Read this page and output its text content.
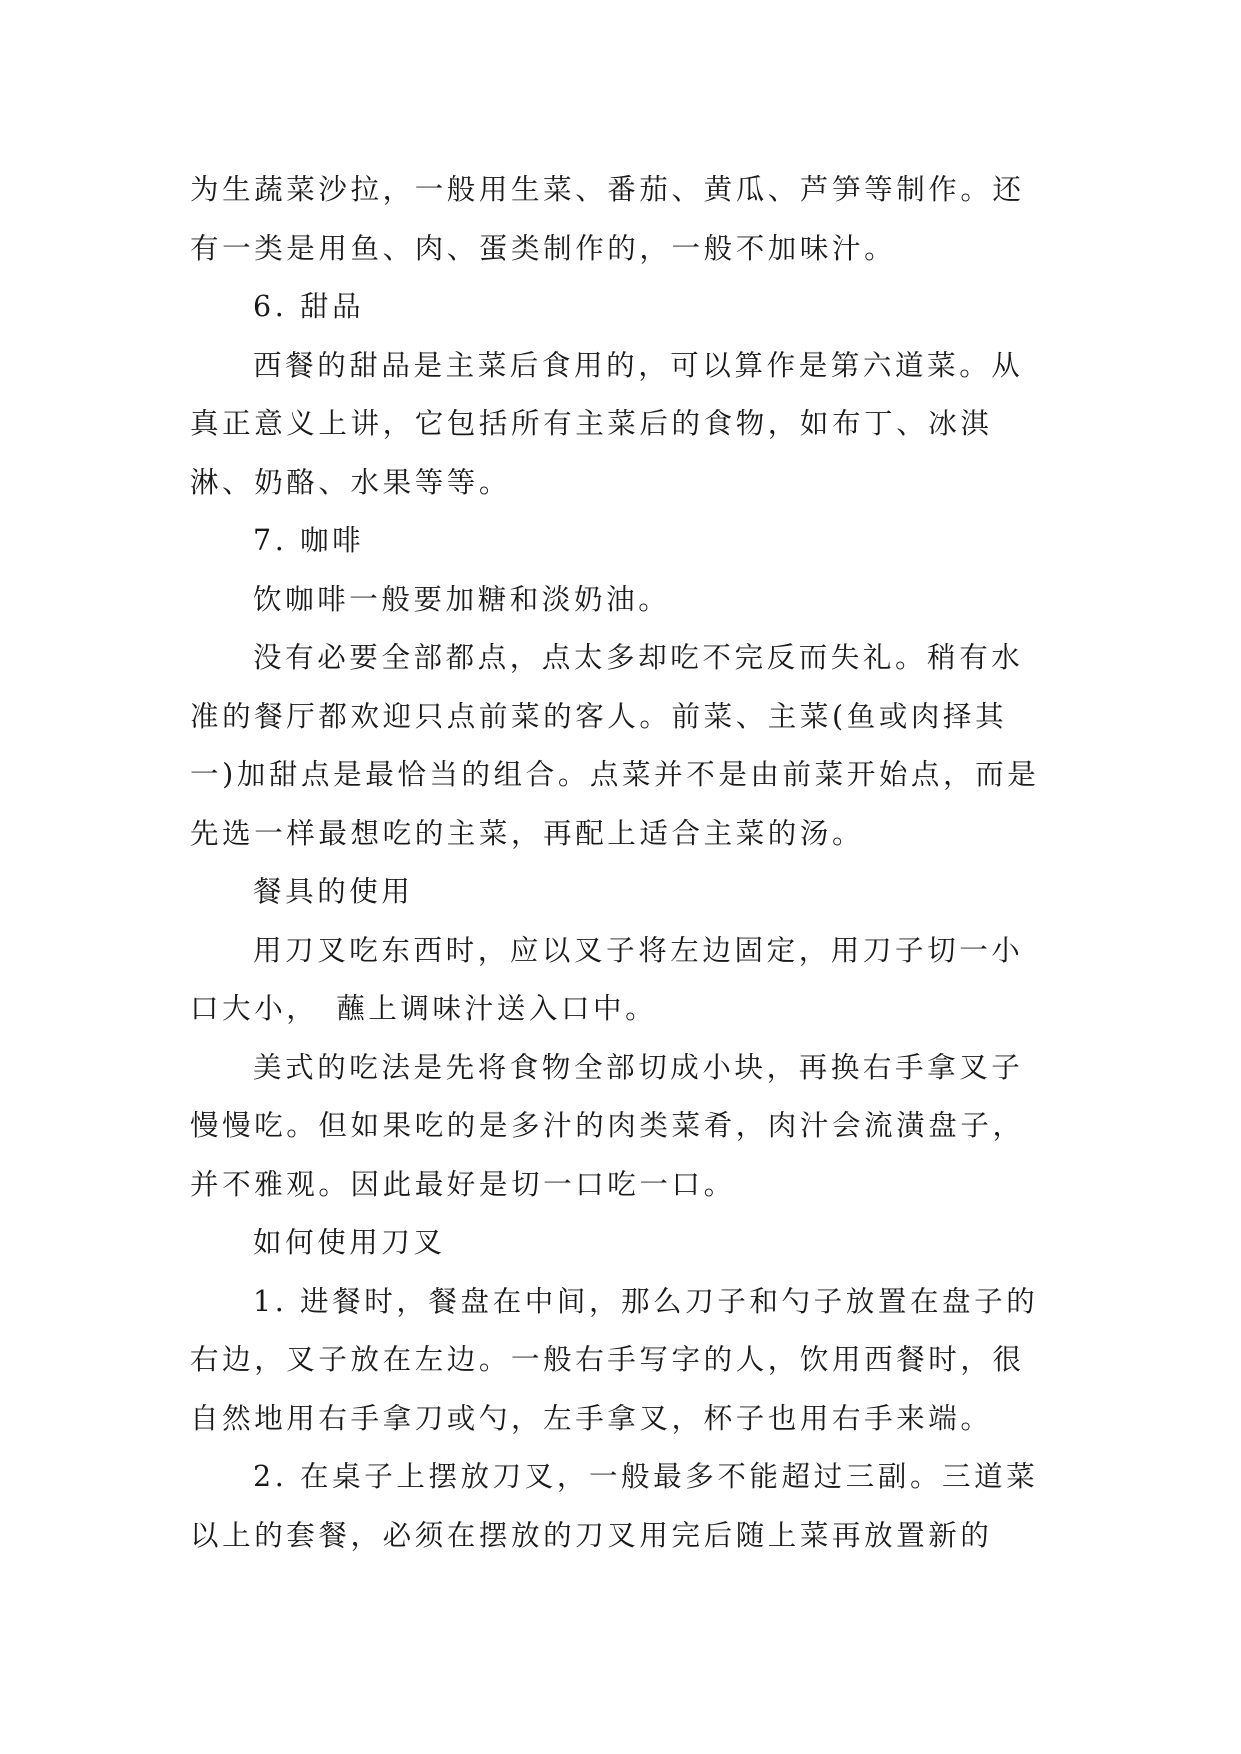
为生蔬菜沙拉，一般用生菜、番茄、黄瓜、芦笋等制作。还有一类是用鱼、肉、蛋类制作的，一般不加味汁。

6. 甜品

西餐的甜品是主菜后食用的，可以算作是第六道菜。从真正意义上讲，它包括所有主菜后的食物，如布丁、冰淇淋、奶酪、水果等等。

7. 咖啡

饮咖啡一般要加糖和淡奶油。

没有必要全部都点，点太多却吃不完反而失礼。稍有水准的餐厅都欢迎只点前菜的客人。前菜、主菜(鱼或肉择其一)加甜点是最恰当的组合。点菜并不是由前菜开始点，而是先选一样最想吃的主菜，再配上适合主菜的汤。

餐具的使用

用刀叉吃东西时，应以叉子将左边固定，用刀子切一小口大小，　蘸上调味汁送入口中。

美式的吃法是先将食物全部切成小块，再换右手拿叉子慢慢吃。但如果吃的是多汁的肉类菜肴，肉汁会流潢盘子，并不雅观。因此最好是切一口吃一口。

如何使用刀叉

1. 进餐时，餐盘在中间，那么刀子和勺子放置在盘子的右边，叉子放在左边。一般右手写字的人，饮用西餐时，很自然地用右手拿刀或勺，左手拿叉，杯子也用右手来端。

2. 在桌子上摆放刀叉，一般最多不能超过三副。三道菜以上的套餐，必须在摆放的刀叉用完后随上菜再放置新的
